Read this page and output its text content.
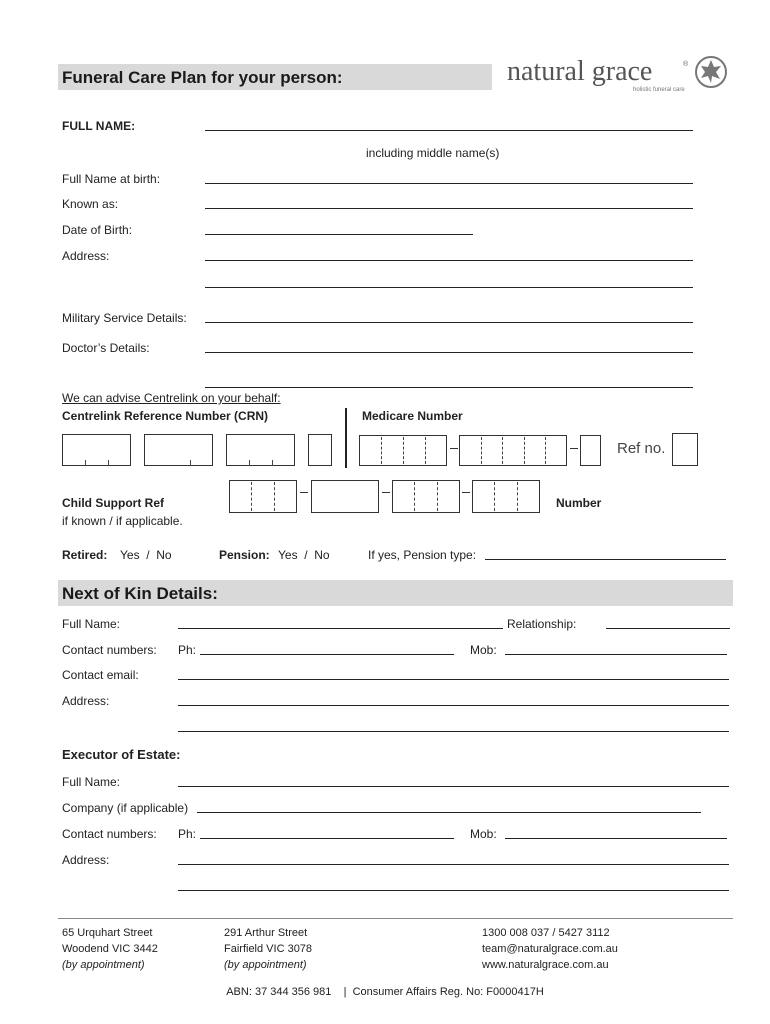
Funeral Care Plan for your person:	natural grace	®
holistic funeral care
FULL NAME:
including middle name(s)
Full Name at birth:
Known as:
Date of Birth:
Address:
Military Service Details:
Doctor’s Details:
We can advise Centrelink on your behalf:
Centrelink Reference Number (CRN)	Medicare Number
Ref no.
Child Support Ref
if known / if applicable.
Number
Retired: Yes  /  No	Pension: Yes  /  No	If yes, Pension type:
Next of Kin Details:
Full Name:	Relationship:
Contact numbers: Ph:	Mob:
Contact email:
Address:
Executor of Estate:
Full Name:
Company (if applicable)
Contact numbers: Ph:	Mob:
Address:
65 Urquhart Street
Woodend VIC 3442
(by appointment)
291 Arthur Street
Fairfield VIC 3078
(by appointment)
1300 008 037 / 5427 3112
team@naturalgrace.com.au
www.naturalgrace.com.au
ABN: 37 344 356 981    |  Consumer Affairs Reg. No: F0000417H
